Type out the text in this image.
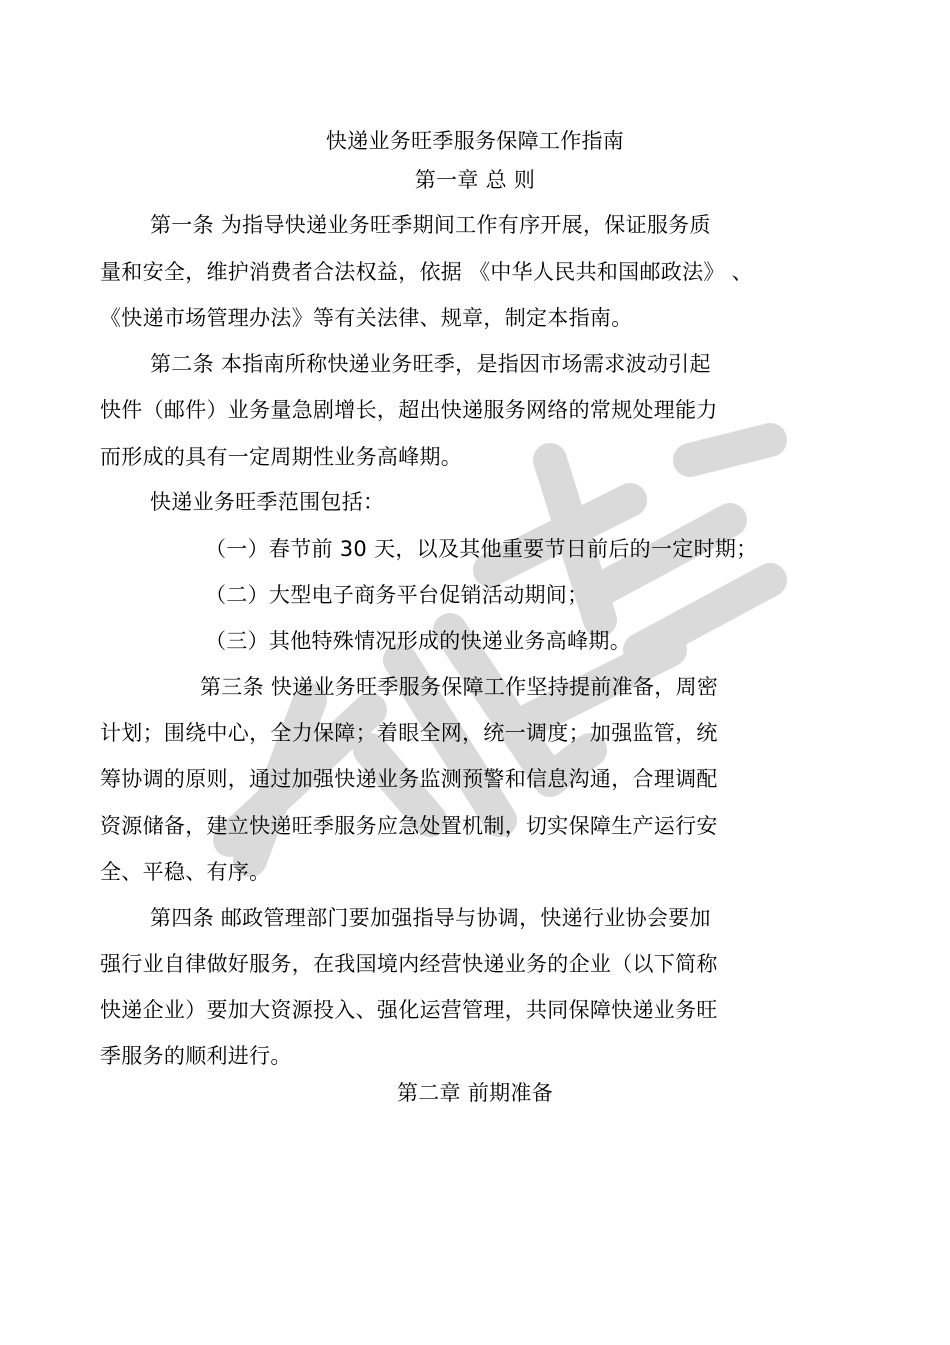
快递业务旺季服务保障工作指南
第一章 总 则
第一条 为指导快递业务旺季期间工作有序开展，保证服务质
量和安全，维护消费者合法权益，依据 《中华人民共和国邮政法》 、
《快递市场管理办法》等有关法律、规章，制定本指南。
第二条 本指南所称快递业务旺季，是指因市场需求波动引起
快件（邮件）业务量急剧增长，超出快递服务网络的常规处理能力
而形成的具有一定周期性业务高峰期。
快递业务旺季范围包括：
（一）春节前 30 天，以及其他重要节日前后的一定时期；
（二）大型电子商务平台促销活动期间；
（三）其他特殊情况形成的快递业务高峰期。
第三条 快递业务旺季服务保障工作坚持提前准备，周密
计划；围绕中心，全力保障；着眼全网，统一调度；加强监管，统
筹协调的原则，通过加强快递业务监测预警和信息沟通，合理调配
资源储备，建立快递旺季服务应急处置机制，切实保障生产运行安
全、平稳、有序。
第四条 邮政管理部门要加强指导与协调，快递行业协会要加
强行业自律做好服务，在我国境内经营快递业务的企业（以下简称
快递企业）要加大资源投入、强化运营管理，共同保障快递业务旺
季服务的顺利进行。
第二章 前期准备
